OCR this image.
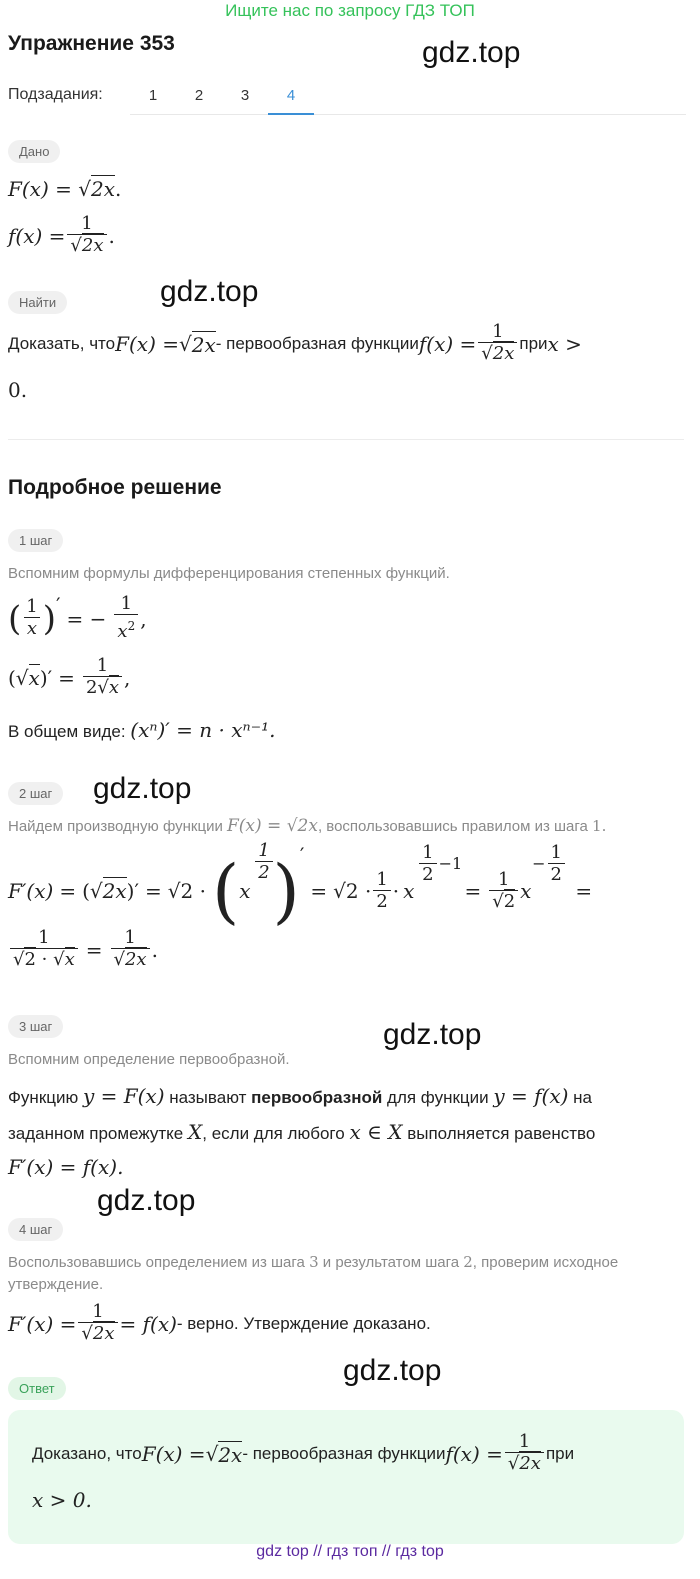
Ищите нас по запросу ГДЗ ТОП
Упражнение 353	gdz.top
gdz.top
gdz.top
gdz.top
gdz.top
gdz.top
Подзадания:	1	2	3	4
Дано
F(x) = √2x.
$f(x) = \frac{1}{√2x}$ .
Найти
Доказать, что F(x) = √ 2x - первообразная функции $f(x) = \frac{1}{√2x}$ при x >
0.
Подробное решение
1 шаг
Вспомним формулы дифференцирования степенных функций.
( $\frac{1}{x}$ ) ′
= − $\frac{1}{x^2}$ ,
$(√x)' = \frac{1}{2√x}$ ,
В общем виде: (xⁿ)′ = n · xⁿ⁻¹.
2 шаг
Найдем производную функции F(x) = √2x, воспользовавшись правилом из шага 1.
F′(x) = (√2x)′ = √2 · ( x
$\frac{1}{2}$ ) ′
= $√2 \cdot \frac{1}{2} \cdot x$
$\frac{1}{2} -1$
= $\frac{1}{√2}$ x
− $\frac{1}{2}$
=
$\frac{1}{√2 \cdot √x} = \frac{1}{√2x}$ .
3 шаг
Вспомним определение первообразной.
Функцию y = F(x) называют первообразной для функции y = f(x) на
заданном промежутке X, если для любого x ∈ X выполняется равенство
F′(x) = f(x).
4 шаг
Воспользовавшись определением из шага 3 и результатом шага 2, проверим исходное
утверждение.
$F'(x) = \frac{1}{√2x} = f(x)$ - верно. Утверждение доказано.
Ответ
Доказано, что F(x) = √ 2x - первообразная функции $f(x) = \frac{1}{√2x}$ при
x > 0.
gdz top // гдз топ // гдз top
